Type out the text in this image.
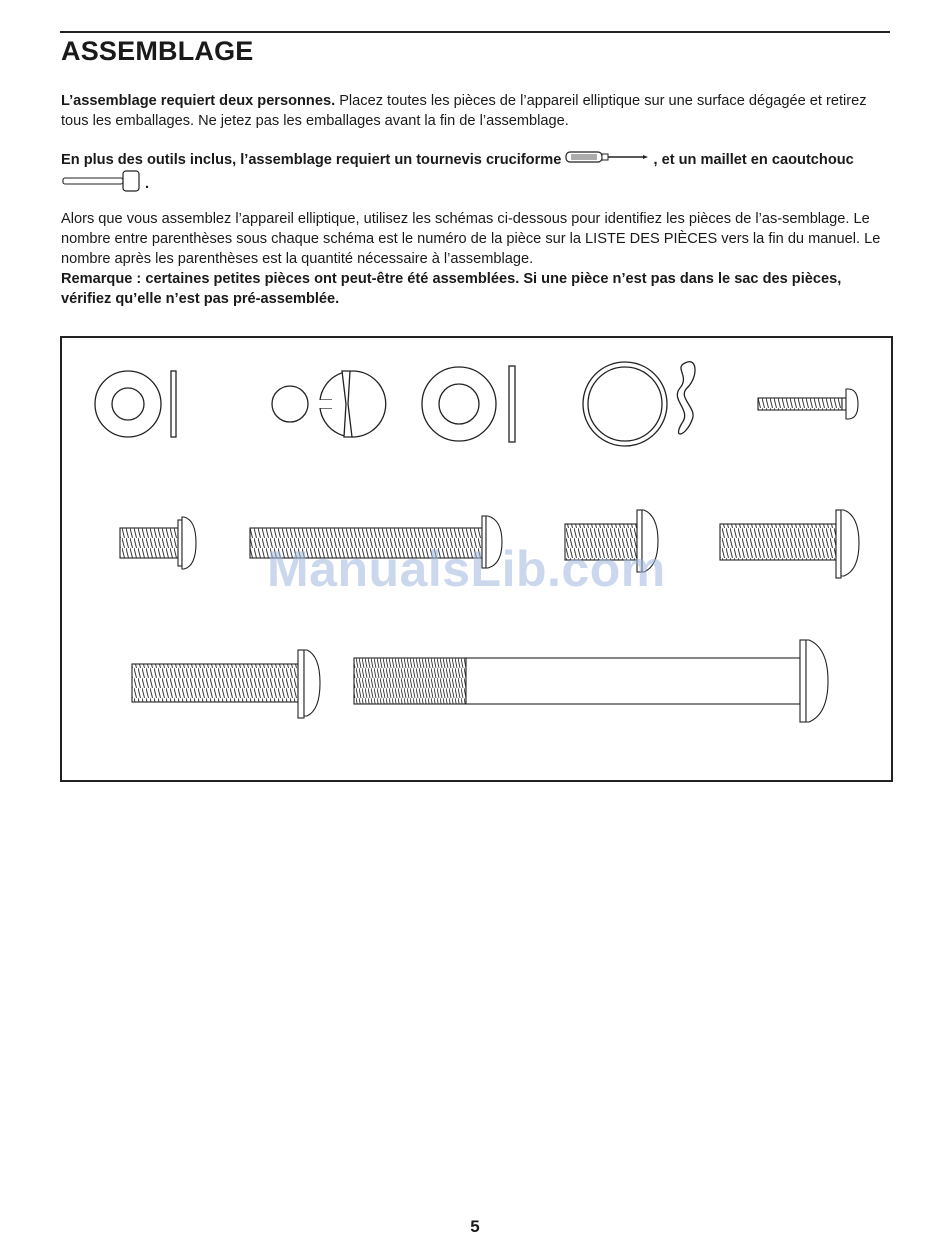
ASSEMBLAGE
L’assemblage requiert deux personnes. Placez toutes les pièces de l’appareil elliptique sur une surface dégagée et retirez tous les emballages. Ne jetez pas les emballages avant la fin de l’assemblage.
En plus des outils inclus, l’assemblage requiert un tournevis cruciforme	, et un maillet en caoutchouc  .
Alors que vous assemblez l’appareil elliptique, utilisez les schémas ci-dessous pour identifiez les pièces de l’as-semblage. Le nombre entre parenthèses sous chaque schéma est le numéro de la pièce sur la LISTE DES PIÈCES vers la fin du manuel. Le nombre après les parenthèses est la quantité nécessaire à l’assemblage.
Remarque : certaines petites pièces ont peut-être été assemblées. Si une pièce n’est pas dans le sac des pièces, vérifiez qu’elle n’est pas pré-assemblée.
ManualsLib.com
5
